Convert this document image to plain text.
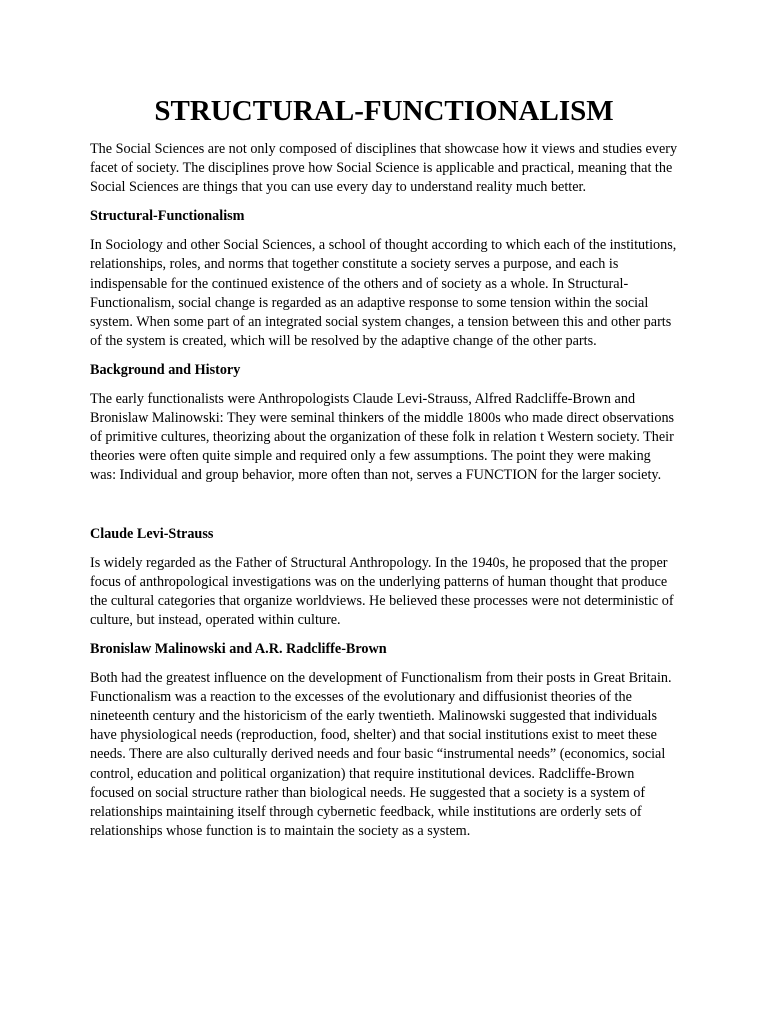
STRUCTURAL-FUNCTIONALISM

The Social Sciences are not only composed of disciplines that showcase how it views and studies every facet of society. The disciplines prove how Social Science is applicable and practical, meaning that the Social Sciences are things that you can use every day to understand reality much better.

Structural-Functionalism

In Sociology and other Social Sciences, a school of thought according to which each of the institutions, relationships, roles, and norms that together constitute a society serves a purpose, and each is indispensable for the continued existence of the others and of society as a whole. In Structural-Functionalism, social change is regarded as an adaptive response to some tension within the social system. When some part of an integrated social system changes, a tension between this and other parts of the system is created, which will be resolved by the adaptive change of the other parts.

Background and History

The early functionalists were Anthropologists Claude Levi-Strauss, Alfred Radcliffe-Brown and Bronislaw Malinowski: They were seminal thinkers of the middle 1800s who made direct observations of primitive cultures, theorizing about the organization of these folk in relation t Western society. Their theories were often quite simple and required only a few assumptions. The point they were making was: Individual and group behavior, more often than not, serves a FUNCTION for the larger society.

Claude Levi-Strauss

Is widely regarded as the Father of Structural Anthropology. In the 1940s, he proposed that the proper focus of anthropological investigations was on the underlying patterns of human thought that produce the cultural categories that organize worldviews. He believed these processes were not deterministic of culture, but instead, operated within culture.

Bronislaw Malinowski and A.R. Radcliffe-Brown

Both had the greatest influence on the development of Functionalism from their posts in Great Britain. Functionalism was a reaction to the excesses of the evolutionary and diffusionist theories of the nineteenth century and the historicism of the early twentieth. Malinowski suggested that individuals have physiological needs (reproduction, food, shelter) and that social institutions exist to meet these needs. There are also culturally derived needs and four basic “instrumental needs” (economics, social control, education and political organization) that require institutional devices. Radcliffe-Brown focused on social structure rather than biological needs. He suggested that a society is a system of relationships maintaining itself through cybernetic feedback, while institutions are orderly sets of relationships whose function is to maintain the society as a system.
